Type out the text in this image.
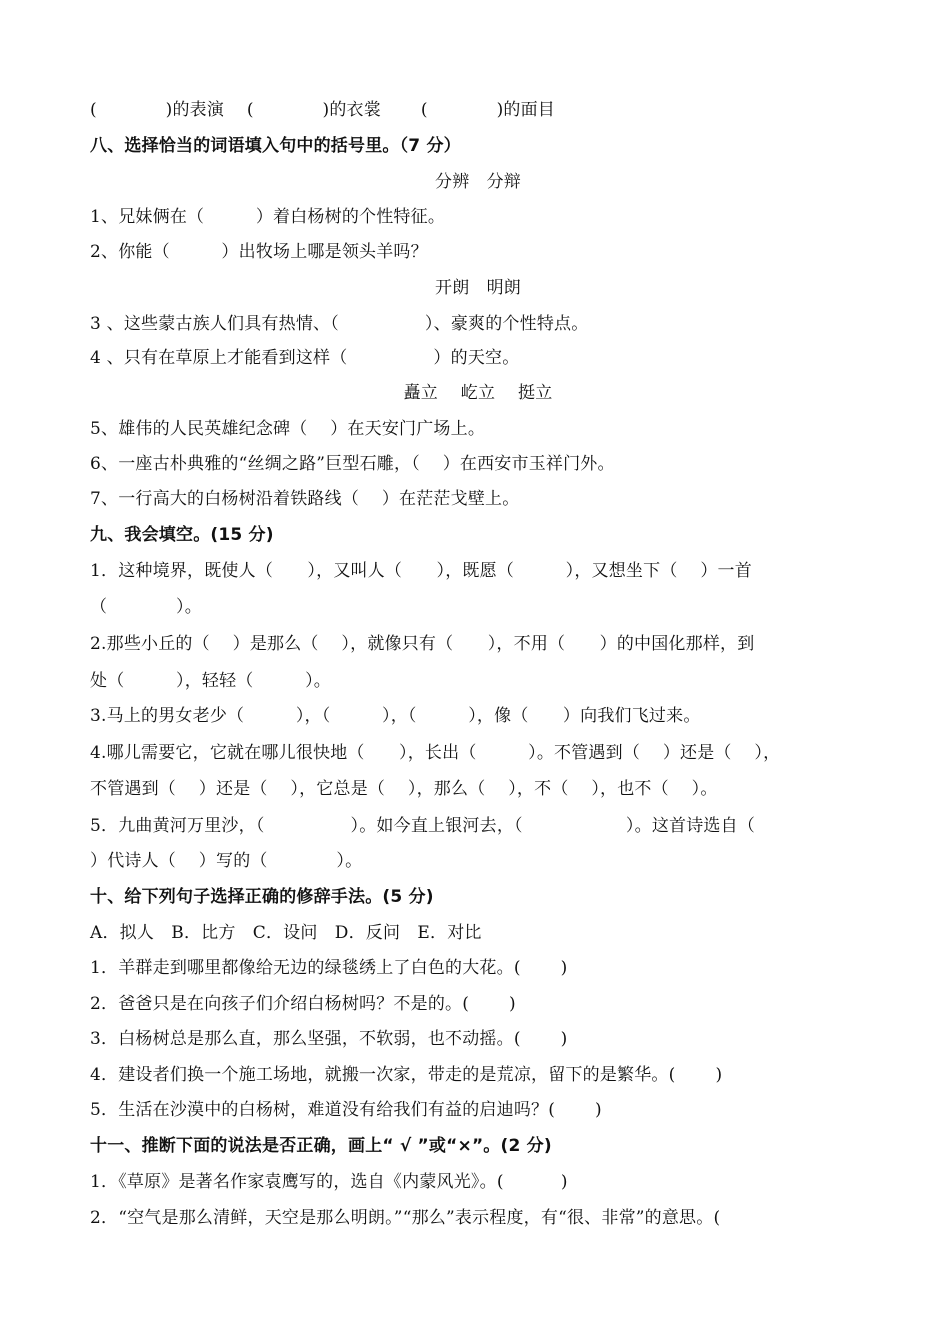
(　　　　)的表演　 (　　　　)的衣裳　　 (　　　　)的面目
八、选择恰当的词语填入句中的括号里。（7 分）
分辨　分辩
1、兄妹俩在（　　　）着白杨树的个性特征。
2、你能（　　　）出牧场上哪是领头羊吗？
开朗　明朗
3 、这些蒙古族人们具有热情、（　　　　　）、豪爽的个性特点。
4 、只有在草原上才能看到这样（　　　　　）的天空。
矗立　 屹立　 挺立
5、雄伟的人民英雄纪念碑（　 ）在天安门广场上。
6、一座古朴典雅的“丝绸之路”巨型石雕，（　 ）在西安市玉祥门外。
7、一行高大的白杨树沿着铁路线（　 ）在茫茫戈壁上。
九、我会填空。(15 分)
1．这种境界，既使人（　　），又叫人（　　），既愿（　　　），又想坐下（　 ）一首
（　　　　）。
2.那些小丘的（　 ）是那么（　 ），就像只有（　　），不用（　　）的中国化那样，到
处（　　　），轻轻（　　　）。
3.马上的男女老少（　　　），（　　　），（　　　），像（　　）向我们飞过来。
4.哪儿需要它，它就在哪儿很快地（　　），长出（　　　）。不管遇到（　 ）还是（　 ），
不管遇到（　 ）还是（　 ），它总是（　 ），那么（　 ），不（　 ），也不（　 ）。
5．九曲黄河万里沙，（　　　　　）。如今直上银河去，（　　　　　　）。这首诗选自（
）代诗人（　 ）写的（　　　　）。
十、给下列句子选择正确的修辞手法。(5 分)
A．拟人　B．比方　C．设问　D．反问　E．对比
1．羊群走到哪里都像给无边的绿毯绣上了白色的大花。(　　 )
2．爸爸只是在向孩子们介绍白杨树吗？不是的。(　　 )
3．白杨树总是那么直，那么坚强，不软弱，也不动摇。(　　 )
4．建设者们换一个施工场地，就搬一次家，带走的是荒凉，留下的是繁华。(　　 )
5．生活在沙漠中的白杨树，难道没有给我们有益的启迪吗？(　　 )
十一、推断下面的说法是否正确，画上“ √ ”或“×”。(2 分)
1．《草原》是著名作家袁鹰写的，选自《内蒙风光》。(　　　 )
2．“空气是那么清鲜，天空是那么明朗。”“那么”表示程度，有“很、非常”的意思。(
